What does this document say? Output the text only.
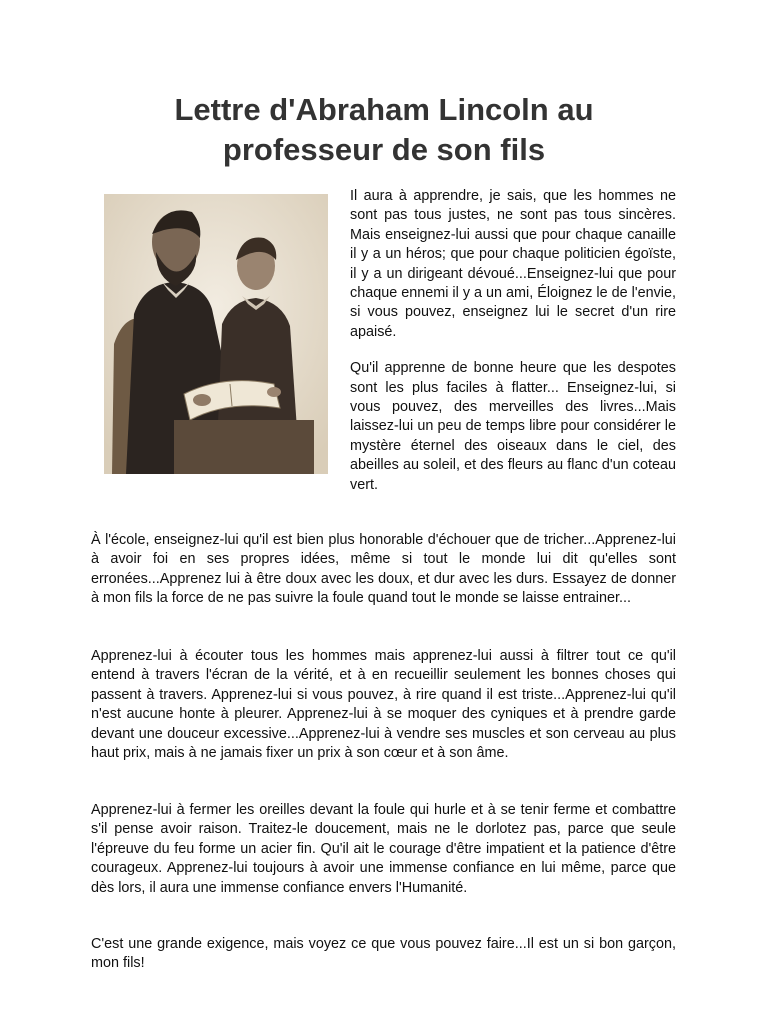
Lettre d'Abraham Lincoln au
professeur de son fils

Il aura à apprendre, je sais, que les hommes ne sont pas tous justes, ne sont pas tous sincères. Mais enseignez-lui aussi que pour chaque canaille il y a un héros; que pour chaque politicien égoïste, il y a un dirigeant dévoué...Enseignez-lui que pour chaque ennemi il y a un ami, Éloignez le de l'envie, si vous pouvez, enseignez lui le secret d'un rire apaisé.

Qu'il apprenne de bonne heure que les despotes sont les plus faciles à flatter... Enseignez-lui, si vous pouvez, des merveilles des livres...Mais laissez-lui un peu de temps libre pour considérer le mystère éternel des oiseaux dans le ciel, des abeilles au soleil, et des fleurs au flanc d'un coteau vert.

À l'école, enseignez-lui qu'il est bien plus honorable d'échouer que de tricher...Apprenez-lui à avoir foi en ses propres idées, même si tout le monde lui dit qu'elles sont erronées...Apprenez lui à être doux avec les doux, et dur avec les durs. Essayez de donner à mon fils la force de ne pas suivre la foule quand tout le monde se laisse entrainer...

Apprenez-lui à écouter tous les hommes mais apprenez-lui aussi à filtrer tout ce qu'il entend à travers l'écran de la vérité, et à en recueillir seulement les bonnes choses qui passent à travers. Apprenez-lui si vous pouvez, à rire quand il est triste...Apprenez-lui qu'il n'est aucune honte à pleurer. Apprenez-lui à se moquer des cyniques et à prendre garde devant une douceur excessive...Apprenez-lui à vendre ses muscles et son cerveau au plus haut prix, mais à ne jamais fixer un prix à son cœur et à son âme.

Apprenez-lui à fermer les oreilles devant la foule qui hurle et à se tenir ferme et combattre s'il pense avoir raison. Traitez-le doucement, mais ne le dorlotez pas, parce que seule l'épreuve du feu forme un acier fin. Qu'il ait le courage d'être impatient et la patience d'être courageux. Apprenez-lui toujours à avoir une immense confiance en lui même, parce que dès lors, il aura une immense confiance envers l'Humanité.

C'est une grande exigence, mais voyez ce que vous pouvez faire...Il est un si bon garçon, mon fils!
